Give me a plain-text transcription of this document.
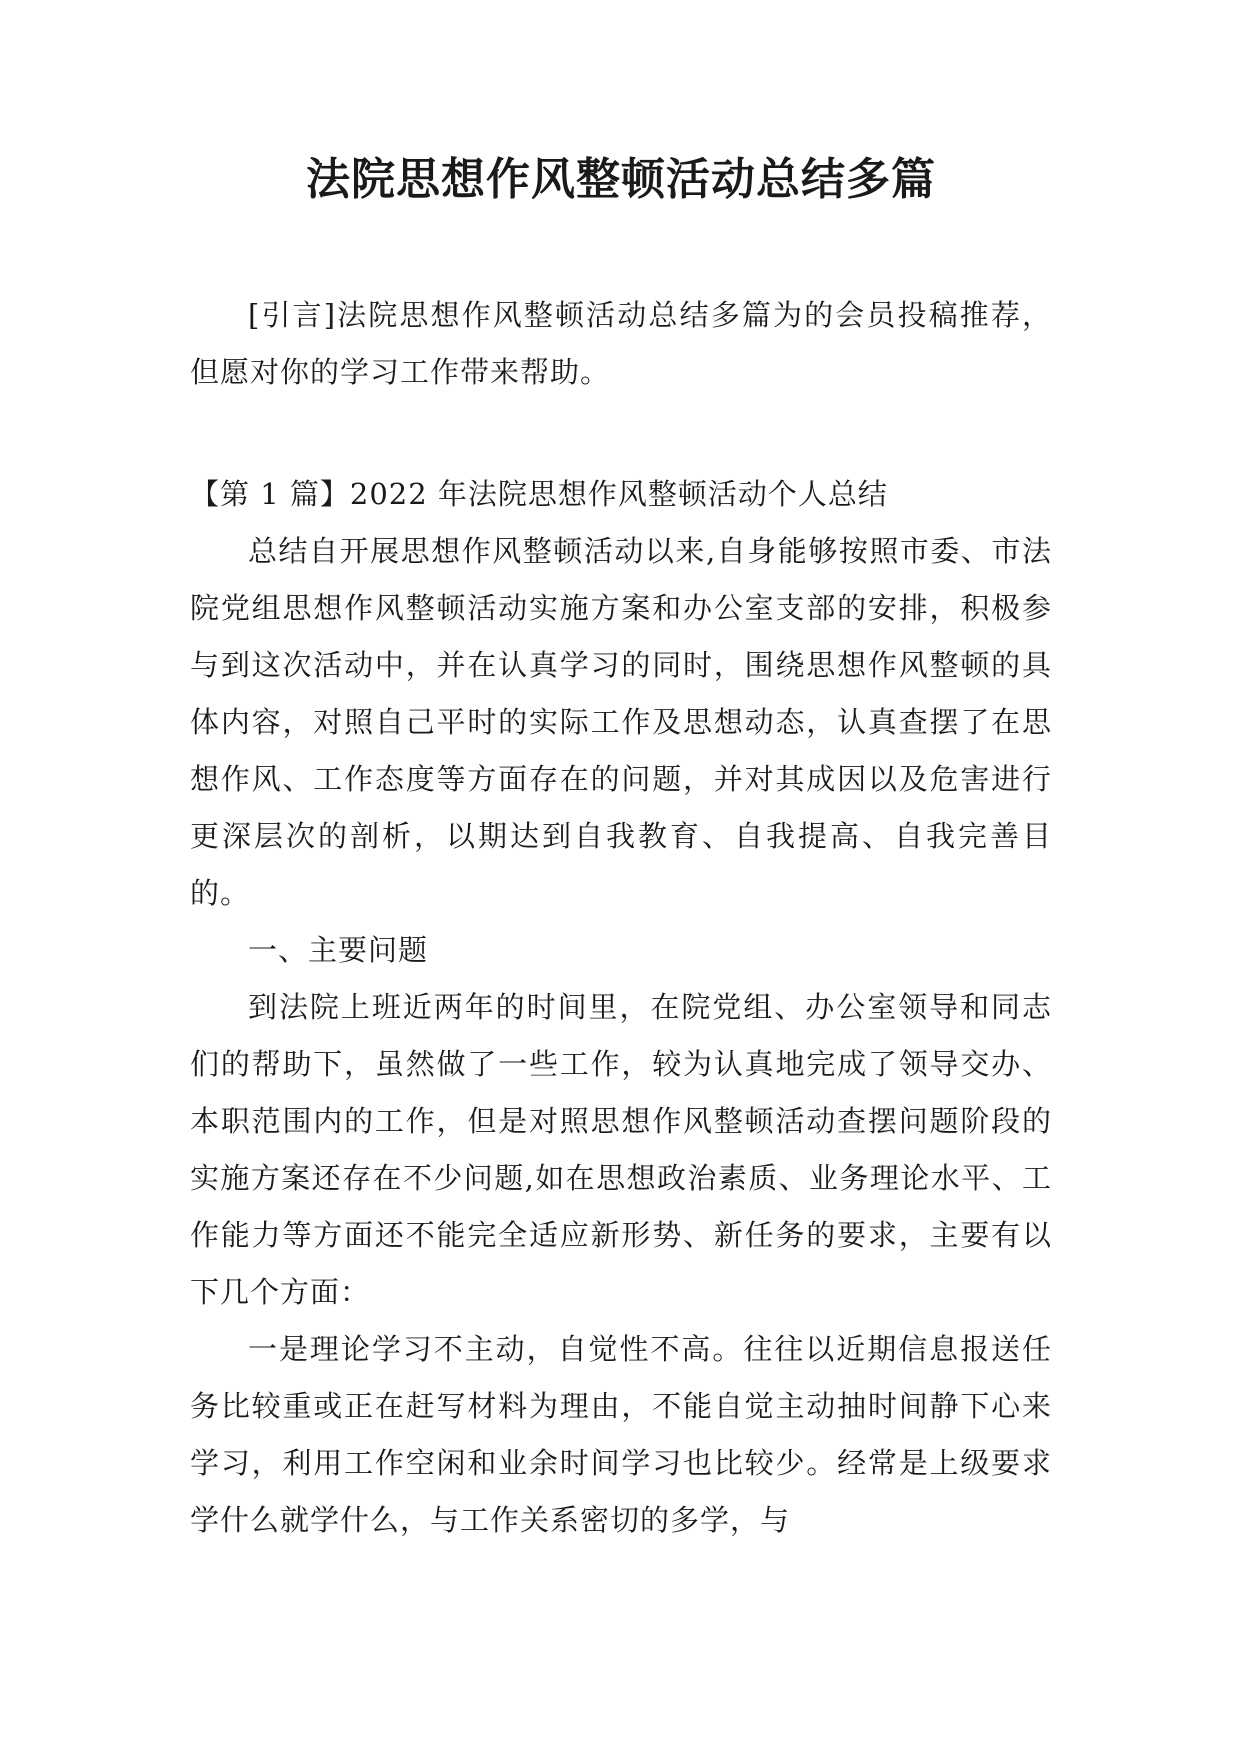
法院思想作风整顿活动总结多篇

[引言]法院思想作风整顿活动总结多篇为的会员投稿推荐，但愿对你的学习工作带来帮助。

【第 1 篇】2022 年法院思想作风整顿活动个人总结

总结自开展思想作风整顿活动以来,自身能够按照市委、市法院党组思想作风整顿活动实施方案和办公室支部的安排，积极参与到这次活动中，并在认真学习的同时，围绕思想作风整顿的具体内容，对照自己平时的实际工作及思想动态，认真查摆了在思想作风、工作态度等方面存在的问题，并对其成因以及危害进行更深层次的剖析，以期达到自我教育、自我提高、自我完善目的。

一、主要问题

到法院上班近两年的时间里，在院党组、办公室领导和同志们的帮助下，虽然做了一些工作，较为认真地完成了领导交办、本职范围内的工作，但是对照思想作风整顿活动查摆问题阶段的实施方案还存在不少问题,如在思想政治素质、业务理论水平、工作能力等方面还不能完全适应新形势、新任务的要求，主要有以下几个方面：

一是理论学习不主动，自觉性不高。往往以近期信息报送任务比较重或正在赶写材料为理由，不能自觉主动抽时间静下心来学习，利用工作空闲和业余时间学习也比较少。经常是上级要求学什么就学什么，与工作关系密切的多学，与
